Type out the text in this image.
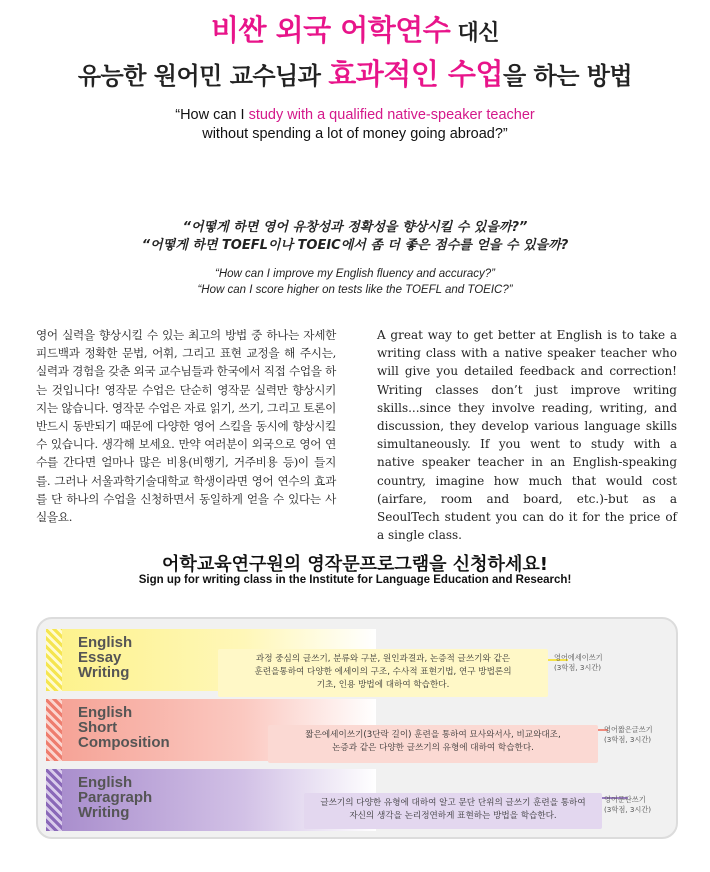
비싼 외국 어학연수 대신
유능한 원어민 교수님과 효과적인 수업을 하는 방법
“How can I study with a qualified native-speaker teacher
without spending a lot of money going abroad?”
“어떻게 하면 영어 유창성과 정확성을 향상시킬 수 있을까?”
“어떻게 하면 TOEFL이나 TOEIC에서 좀 더 좋은 점수를 얻을 수 있을까?
“How can I improve my English fluency and accuracy?”
“How can I score higher on tests like the TOEFL and TOEIC?”
영어 실력을 향상시킬 수 있는 최고의 방법 중 하나는 자세한 피드백과 정확한 문법, 어휘, 그리고 표현 교정을 해 주시는, 실력과 경험을 갖춘 외국 교수님들과 한국에서 직접 수업을 하는 것입니다! 영작문 수업은 단순히 영작문 실력만 향상시키지는 않습니다. 영작문 수업은 자료 읽기, 쓰기, 그리고 토론이 반드시 동반되기 때문에 다양한 영어 스킬을 동시에 향상시킬 수 있습니다. 생각해 보세요. 만약 여러분이 외국으로 영어 연수를 간다면 얼마나 많은 비용(비행기, 거주비용 등)이 들지를. 그러나 서울과학기술대학교 학생이라면 영어 연수의 효과를 단 하나의 수업을 신청하면서 동일하게 얻을 수 있다는 사실을요.
A great way to get better at English is to take a writing class with a native speaker teacher who will give you detailed feedback and correction! Writing classes don’t just improve writing skills...since they involve reading, writing, and discussion, they develop various language skills simultaneously. If you went to study with a native speaker teacher in an English-speaking country, imagine how much that would cost (airfare, room and board, etc.)-but as a SeoulTech student you can do it for the price of a single class.
어학교육연구원의 영작문프로그램을 신청하세요!
Sign up for writing class in the Institute for Language Education and Research!
English
Essay
Writing
과정 중심의 글쓰기, 분류와 구분, 원인과결과, 논증적 글쓰기와 같은
훈련을통하여 다양한 에세이의 구조, 수사적 표현기법, 연구 방법론의
기초, 인용 방법에 대하여 학습한다.
영어에세이쓰기
(3학점, 3시간)
English
Short
Composition	짧은에세이쓰기(3단락 길이) 훈련을 통하여 묘사와서사, 비교와대조,
논증과 같은 다양한 글쓰기의 유형에 대하여 학습한다.
영어짧은글쓰기
(3학점, 3시간)
English
Paragraph
Writing
글쓰기의 다양한 유형에 대하여 알고 문단 단위의 글쓰기 훈련을 통하여
자신의 생각을 논리정연하게 표현하는 방법을 학습한다.
영어문단쓰기
(3학점, 3시간)
